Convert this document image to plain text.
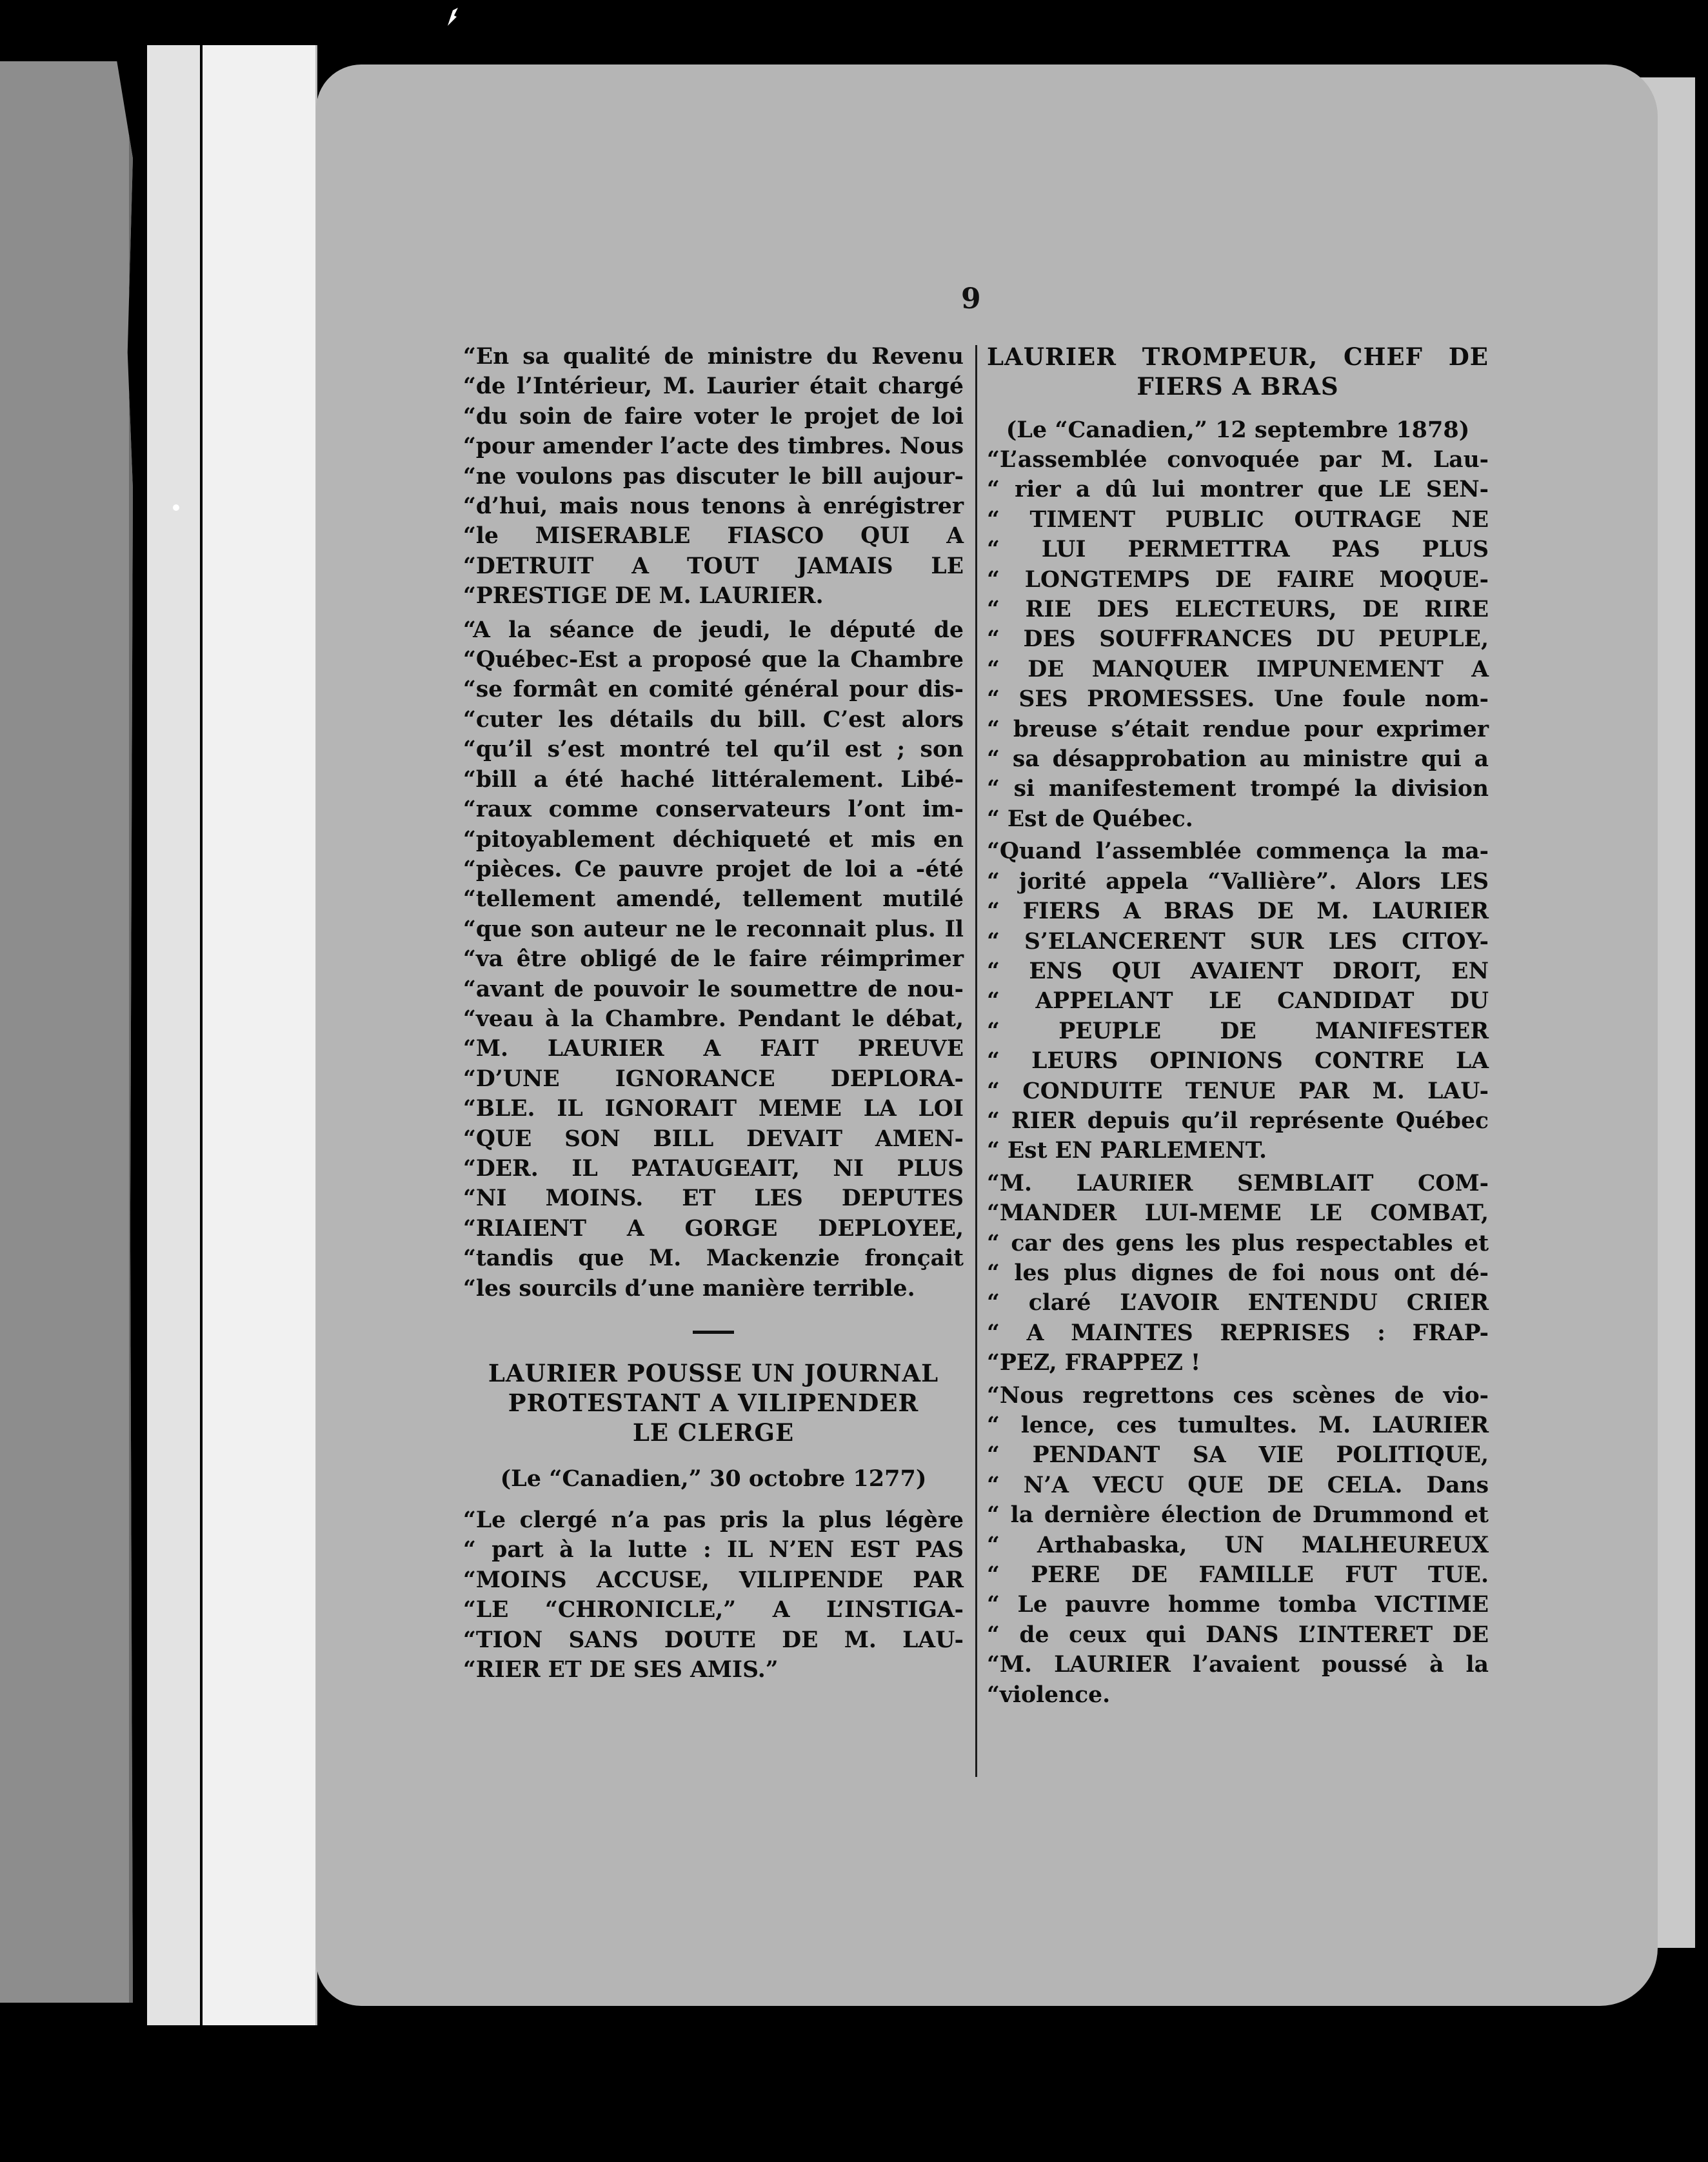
9
“En sa qualité de ministre du Revenu
“de l’Intérieur, M. Laurier était chargé
“du soin de faire voter le projet de loi
“pour amender l’acte des timbres. Nous
“ne voulons pas discuter le bill aujour-
“d’hui, mais nous tenons à enrégistrer
“le MISERABLE FIASCO QUI A
“DETRUIT A TOUT JAMAIS LE
“PRESTIGE DE M. LAURIER.
“A la séance de jeudi, le député de
“Québec-Est a proposé que la Chambre
“se formât en comité général pour dis-
“cuter les détails du bill. C’est alors
“qu’il s’est montré tel qu’il est ; son
“bill a été haché littéralement. Libé-
“raux comme conservateurs l’ont im-
“pitoyablement déchiqueté et mis en
“pièces. Ce pauvre projet de loi a -été
“tellement amendé, tellement mutilé
“que son auteur ne le reconnait plus. Il
“va être obligé de le faire réimprimer
“avant de pouvoir le soumettre de nou-
“veau à la Chambre. Pendant le débat,
“M. LAURIER A FAIT PREUVE
“D’UNE IGNORANCE DEPLORA-
“BLE. IL IGNORAIT MEME LA LOI
“QUE SON BILL DEVAIT AMEN-
“DER. IL PATAUGEAIT, NI PLUS
“NI MOINS. ET LES DEPUTES
“RIAIENT A GORGE DEPLOYEE,
“tandis que M. Mackenzie fronçait
“les sourcils d’une manière terrible.
LAURIER POUSSE UN JOURNAL
PROTESTANT A VILIPENDER
LE CLERGE
(Le “Canadien,” 30 octobre 1277)
“Le clergé n’a pas pris la plus légère
“ part à la lutte : IL N’EN EST PAS
“MOINS ACCUSE, VILIPENDE PAR
“LE “CHRONICLE,” A L’INSTIGA-
“TION SANS DOUTE DE M. LAU-
“RIER ET DE SES AMIS.”
LAURIER TROMPEUR, CHEF DE
FIERS A BRAS
(Le “Canadien,” 12 septembre 1878)
“L’assemblée convoquée par M. Lau-
“ rier a dû lui montrer que LE SEN-
“ TIMENT PUBLIC OUTRAGE NE
“ LUI PERMETTRA PAS PLUS
“ LONGTEMPS DE FAIRE MOQUE-
“ RIE DES ELECTEURS, DE RIRE
“ DES SOUFFRANCES DU PEUPLE,
“ DE MANQUER IMPUNEMENT A
“ SES PROMESSES. Une foule nom-
“ breuse s’était rendue pour exprimer
“ sa désapprobation au ministre qui a
“ si manifestement trompé la division
“ Est de Québec.
“Quand l’assemblée commença la ma-
“ jorité appela “Vallière”. Alors LES
“ FIERS A BRAS DE M. LAURIER
“ S’ELANCERENT SUR LES CITOY-
“ ENS QUI AVAIENT DROIT, EN
“ APPELANT LE CANDIDAT DU
“ PEUPLE DE MANIFESTER
“ LEURS OPINIONS CONTRE LA
“ CONDUITE TENUE PAR M. LAU-
“ RIER depuis qu’il représente Québec
“ Est EN PARLEMENT.
“M. LAURIER SEMBLAIT COM-
“MANDER LUI-MEME LE COMBAT,
“ car des gens les plus respectables et
“ les plus dignes de foi nous ont dé-
“ claré L’AVOIR ENTENDU CRIER
“ A MAINTES REPRISES : FRAP-
“PEZ, FRAPPEZ !
“Nous regrettons ces scènes de vio-
“ lence, ces tumultes. M. LAURIER
“ PENDANT SA VIE POLITIQUE,
“ N’A VECU QUE DE CELA. Dans
“ la dernière élection de Drummond et
“ Arthabaska, UN MALHEUREUX
“ PERE DE FAMILLE FUT TUE.
“ Le pauvre homme tomba VICTIME
“ de ceux qui DANS L’INTERET DE
“M. LAURIER l’avaient poussé à la
“violence.
